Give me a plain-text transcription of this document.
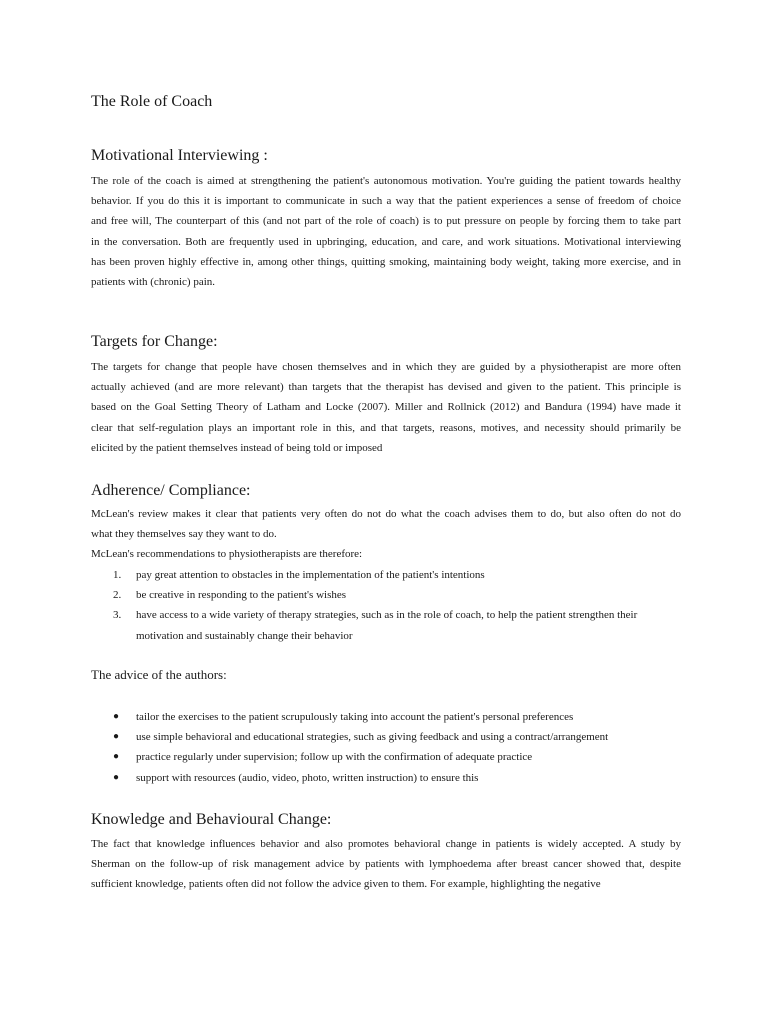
The Role of Coach
Motivational Interviewing :
The role of the coach is aimed at strengthening the patient's autonomous motivation. You're guiding the patient towards healthy
behavior. If you do this it is important to communicate in such a way that the patient experiences a sense of freedom of choice
and free will, The counterpart of this (and not part of the role of coach) is to put pressure on people by forcing them to take part
in the conversation. Both are frequently used in upbringing, education, and care, and work situations. Motivational interviewing
has been proven highly effective in, among other things, quitting smoking, maintaining body weight, taking more exercise, and in
patients with (chronic) pain.
Targets for Change:
The targets for change that people have chosen themselves and in which they are guided by a physiotherapist are more often
actually achieved (and are more relevant) than targets that the therapist has devised and given to the patient. This principle is
based on the Goal Setting Theory of Latham and Locke (2007). Miller and Rollnick (2012) and Bandura (1994) have made it
clear that self-regulation plays an important role in this, and that targets, reasons, motives, and necessity should primarily be
elicited by the patient themselves instead of being told or imposed
Adherence/ Compliance:
McLean's review makes it clear that patients very often do not do what the coach advises them to do, but also often do not do
what they themselves say they want to do.
McLean's recommendations to physiotherapists are therefore:
1. pay great attention to obstacles in the implementation of the patient's intentions
2. be creative in responding to the patient's wishes
3. have access to a wide variety of therapy strategies, such as in the role of coach, to help the patient strengthen their
motivation and sustainably change their behavior
The advice of the authors:
● tailor the exercises to the patient scrupulously taking into account the patient's personal preferences
● use simple behavioral and educational strategies, such as giving feedback and using a contract/arrangement
● practice regularly under supervision; follow up with the confirmation of adequate practice
● support with resources (audio, video, photo, written instruction) to ensure this
Knowledge and Behavioural Change:
The fact that knowledge influences behavior and also promotes behavioral change in patients is widely accepted. A study by
Sherman on the follow-up of risk management advice by patients with lymphoedema after breast cancer showed that, despite
sufficient knowledge, patients often did not follow the advice given to them. For example, highlighting the negative
